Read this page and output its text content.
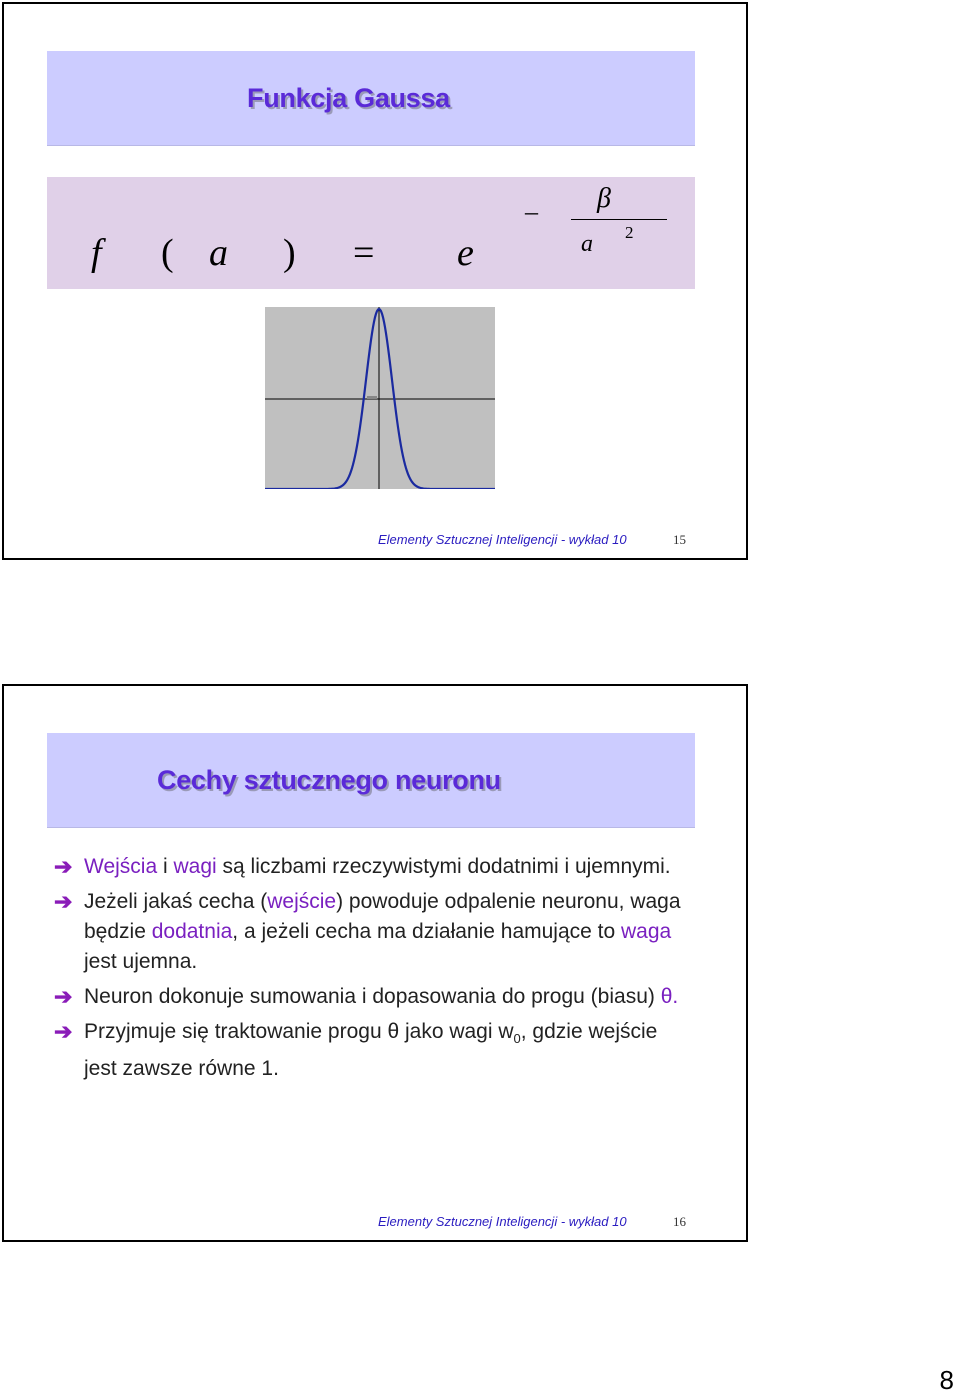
Funkcja Gaussa
f ( a ) = e
– β
a 2
Elementy Sztucznej Inteligencji - wykład 10	15
Cechy sztucznego neuronu
➔ Wejścia i wagi są liczbami rzeczywistymi dodatnimi i ujemnymi.
➔ Jeżeli jakaś cecha (wejście) powoduje odpalenie neuronu, waga będzie dodatnia, a jeżeli cecha ma działanie hamujące to waga jest ujemna.
➔ Neuron dokonuje sumowania i dopasowania do progu (biasu) θ.
➔ Przyjmuje się traktowanie progu θ jako wagi $w_0$, gdzie wejście jest zawsze równe 1.
Elementy Sztucznej Inteligencji - wykład 10	16
8
